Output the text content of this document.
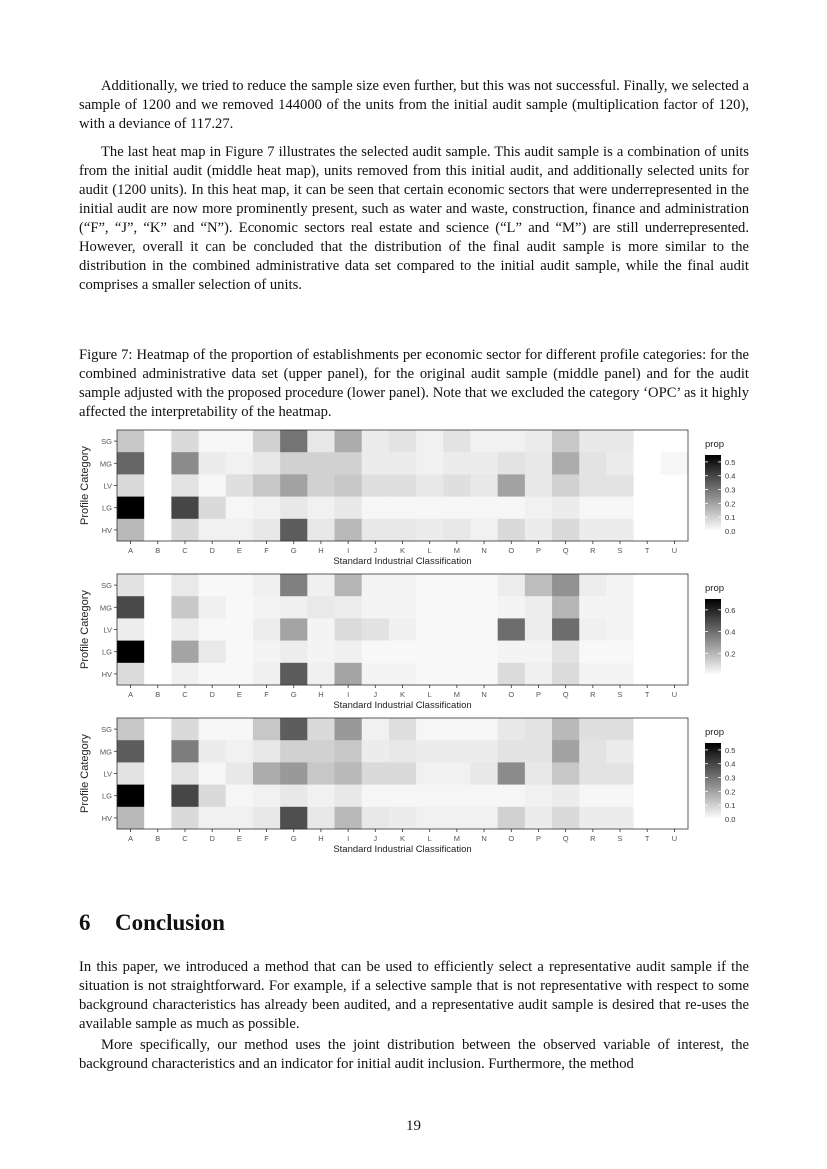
Additionally, we tried to reduce the sample size even further, but this was not successful. Finally, we selected a sample of 1200 and we removed 144000 of the units from the initial audit sample (multiplication factor of 120), with a deviance of 117.27.

The last heat map in Figure 7 illustrates the selected audit sample. This audit sample is a combination of units from the initial audit (middle heat map), units removed from this initial audit, and additionally selected units for audit (1200 units). In this heat map, it can be seen that certain economic sectors that were underrepresented in the initial audit are now more prominently present, such as water and waste, construction, finance and administration (“F”, “J”, “K” and “N”). Economic sectors real estate and science (“L” and “M”) are still underrepresented. However, overall it can be concluded that the distribution of the final audit sample is more similar to the distribution in the combined administrative data set compared to the initial audit sample, while the final audit comprises a smaller selection of units.

Figure 7: Heatmap of the proportion of establishments per economic sector for different profile categories: for the combined administrative data set (upper panel), for the original audit sample (middle panel) and for the audit sample adjusted with the proposed procedure (lower panel). Note that we excluded the category ‘OPC’ as it highly affected the interpretability of the heatmap.

Profile Category
SG
MG
LV
LG
HV
A	B	C	D	E	F	G	H	I	J	K	L	M	N	O	P	Q	R	S	T	U
Standard Industrial Classification
prop
0.5
0.4
0.3
0.2
0.1
0.0
Profile Category
SG
MG
LV
LG
HV
A	B	C	D	E	F	G	H	I	J	K	L	M	N	O	P	Q	R	S	T	U
Standard Industrial Classification
prop
0.6
0.4
0.2
Profile Category
SG
MG
LV
LG
HV
A	B	C	D	E	F	G	H	I	J	K	L	M	N	O	P	Q	R	S	T	U
Standard Industrial Classification
prop
0.5
0.4
0.3
0.2
0.1
0.0
6 Conclusion

In this paper, we introduced a method that can be used to efficiently select a representative audit sample if the situation is not straightforward. For example, if a selective sample that is not representative with respect to some background characteristics has already been audited, and a representative audit sample is desired that re-uses the available sample as much as possible.

More specifically, our method uses the joint distribution between the observed variable of interest, the background characteristics and an indicator for initial audit inclusion. Furthermore, the method

19
